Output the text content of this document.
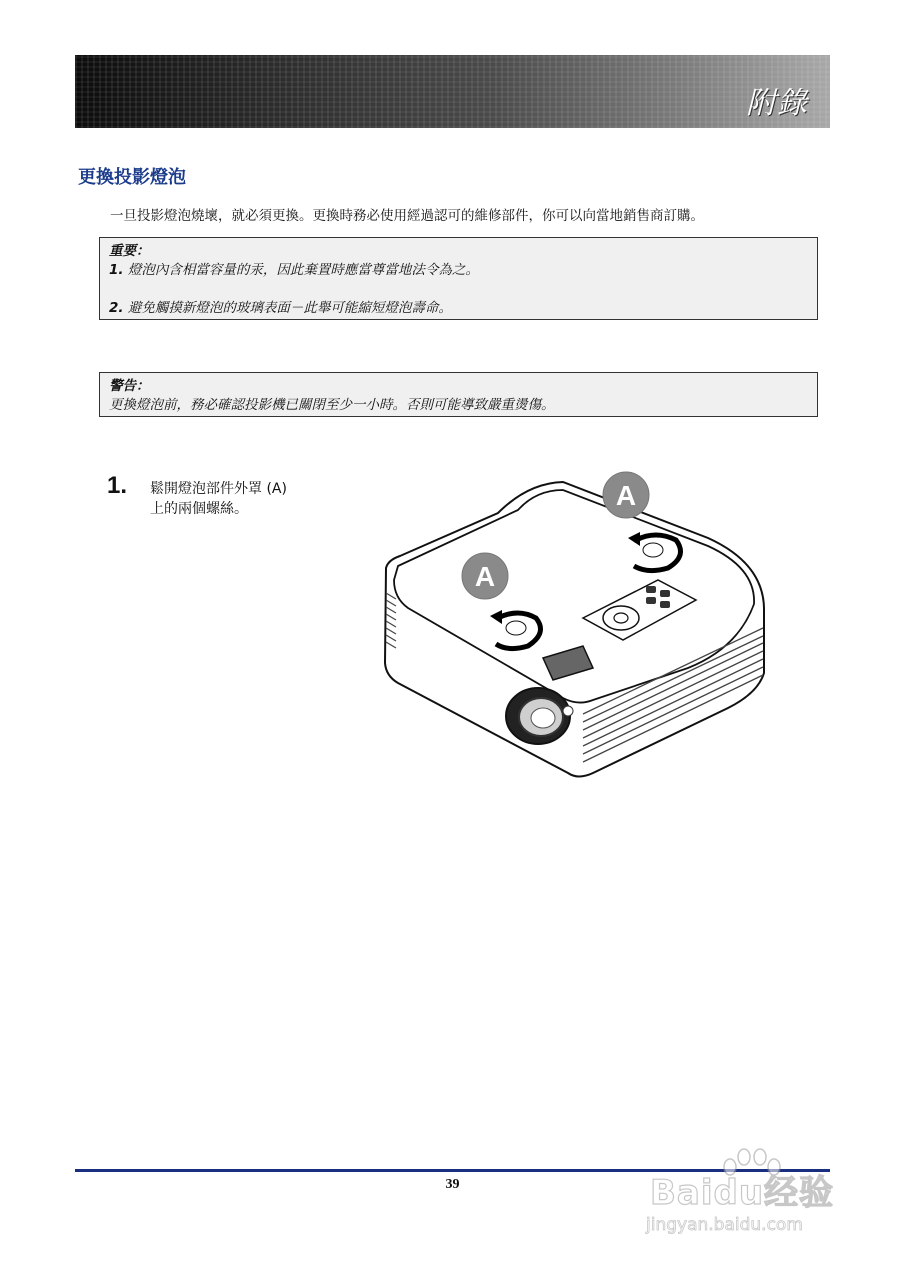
附錄
更換投影燈泡
一旦投影燈泡燒壞，就必須更換。更換時務必使用經過認可的維修部件，你可以向當地銷售商訂購。

重要：

1. 燈泡內含相當容量的汞，因此棄置時應當尊當地法令為之。

2. 避免觸摸新燈泡的玻璃表面－此舉可能縮短燈泡壽命。

警告：

更換燈泡前，務必確認投影機已關閉至少一小時。否則可能導致嚴重燙傷。

1. 鬆開燈泡部件外罩 (A)
上的兩個螺絲。
A
A
39	Baidu经验
jingyan.baidu.com
